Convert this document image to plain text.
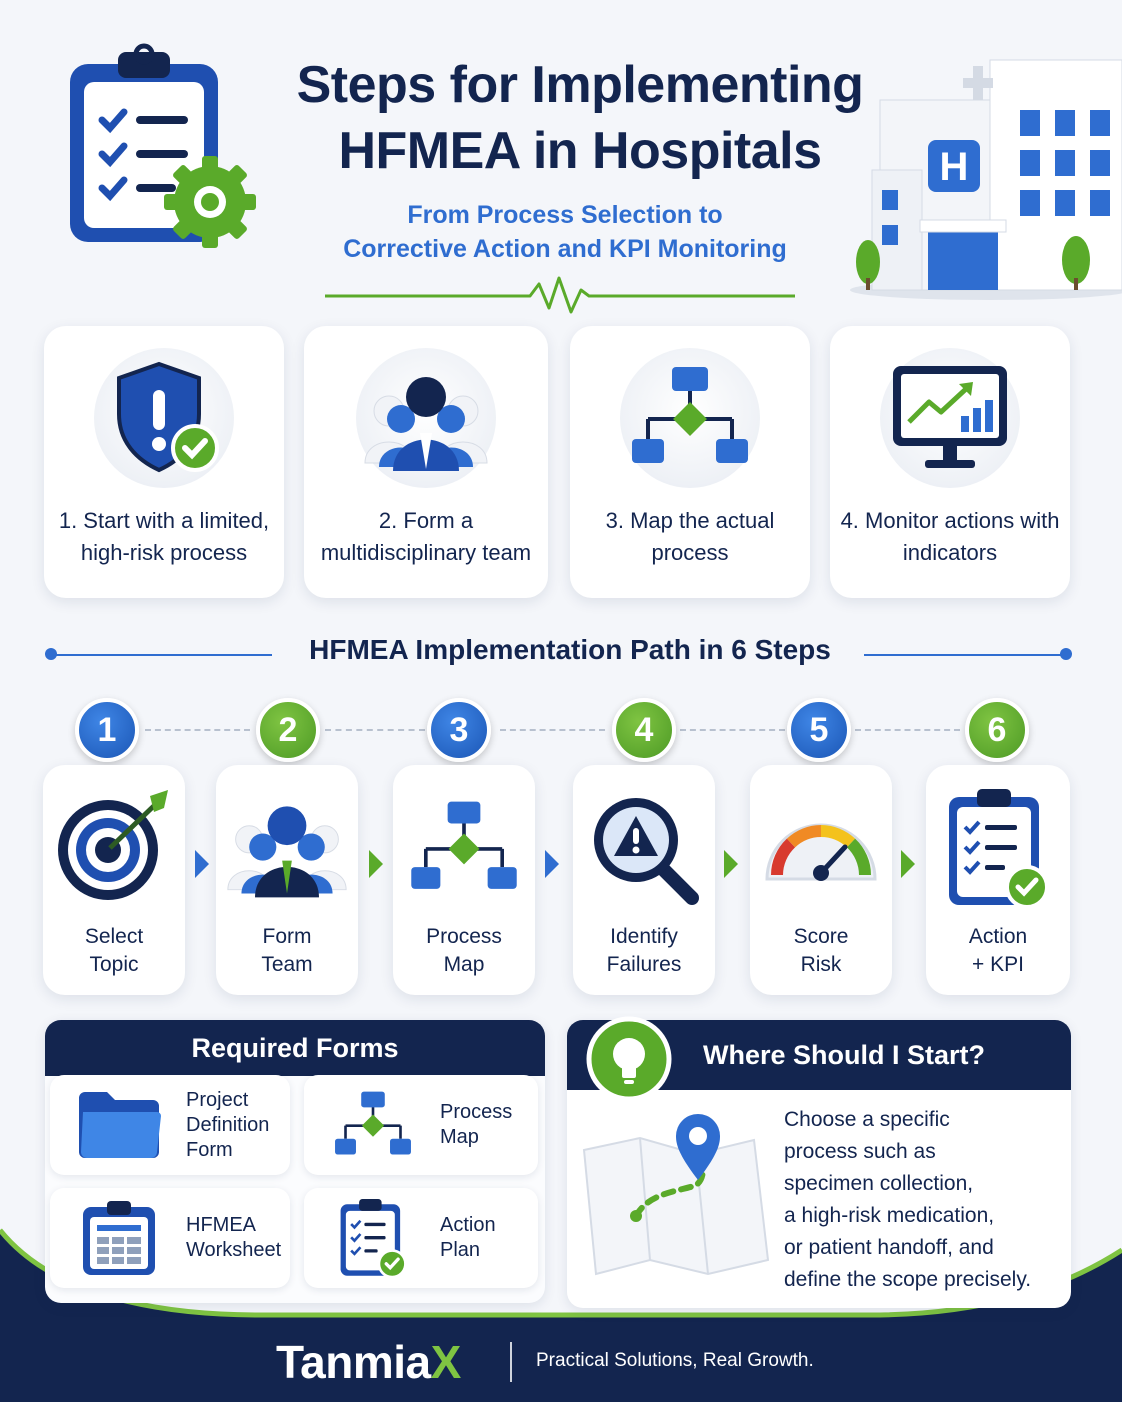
H
Steps for Implementing
HFMEA in Hospitals
From Process Selection to
Corrective Action and KPI Monitoring
1. Start with a limited, high-risk process
2. Form a multidisciplinary team
3. Map the actual process
4. Monitor actions with indicators
HFMEA Implementation Path in 6 Steps
1	2	3	4	5	6
Select
Topic
Form
Team
Process
Map
Identify
Failures
Score
Risk
Action
+ KPI
Required Forms
Project
Definition
Form
Process
Map
HFMEA
Worksheet
Action
Plan
Where Should I Start?
Choose a specific
process such as
specimen collection,
a high-risk medication,
or patient handoff, and
define the scope precisely.
TanmiaX	Practical Solutions, Real Growth.
